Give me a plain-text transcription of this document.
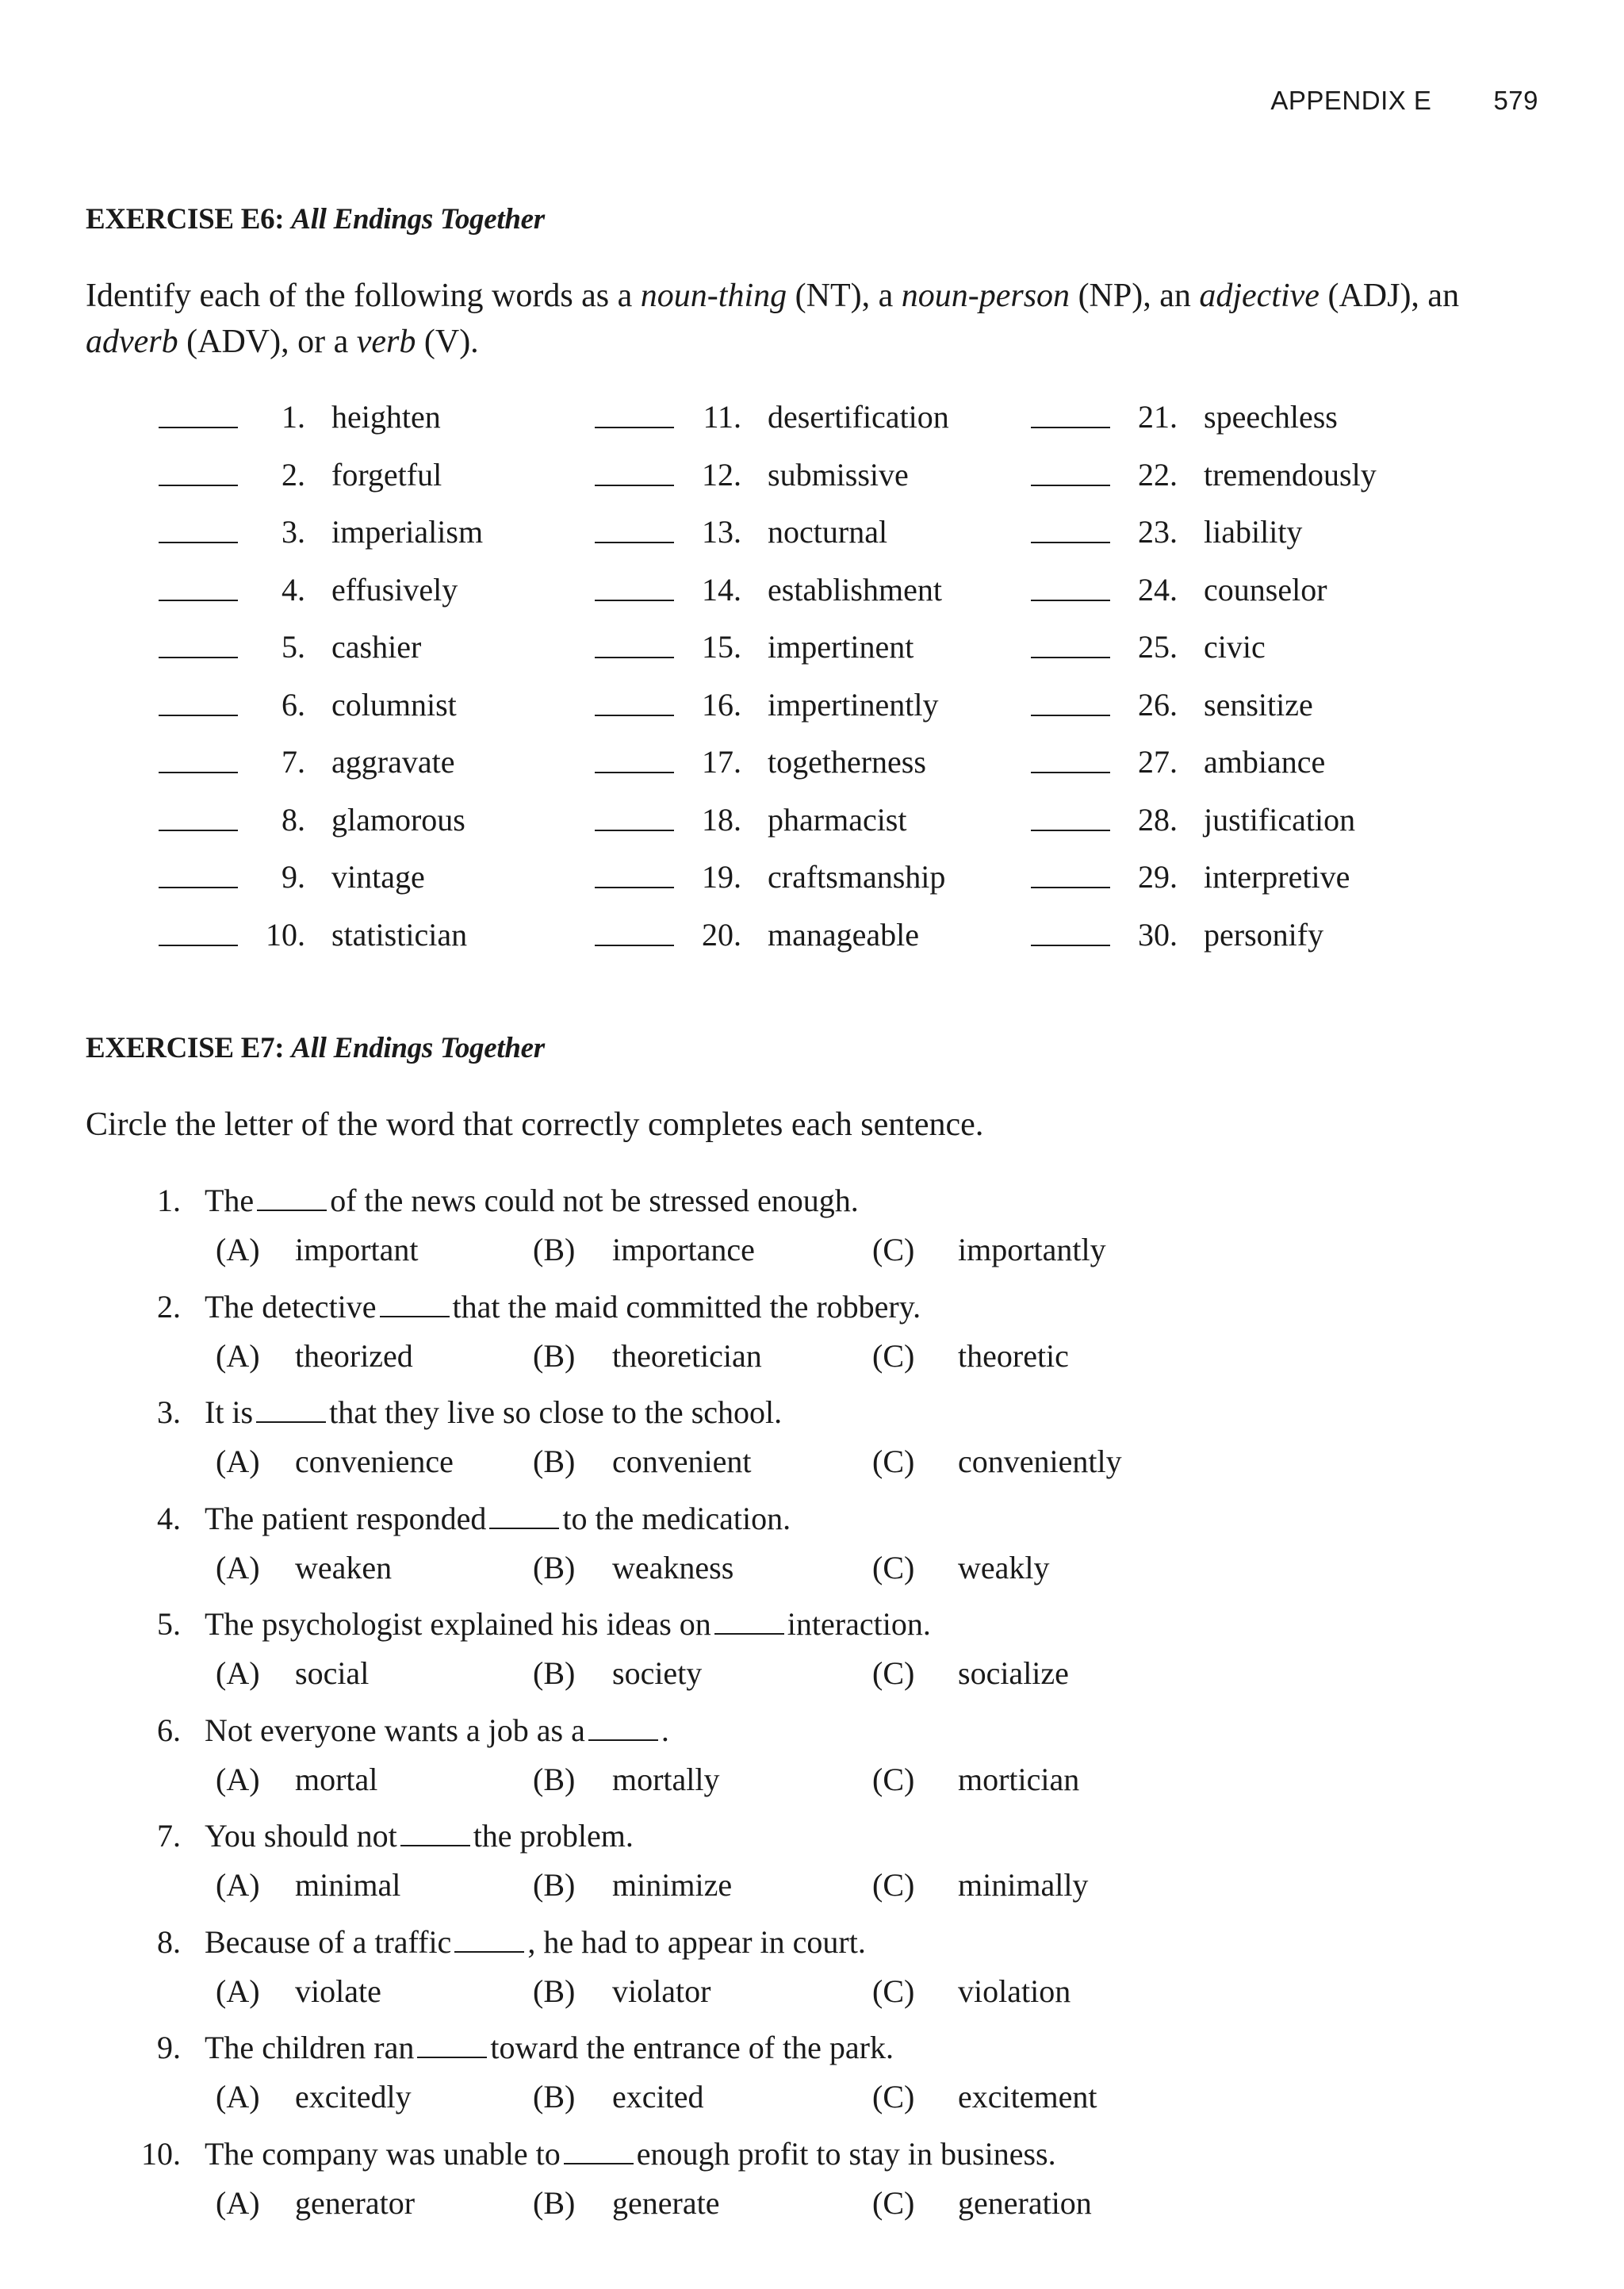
APPENDIX E 579
EXERCISE E6: All Endings Together
Identify each of the following words as a noun-thing (NT), a noun-person (NP), an adjective (ADJ), an adverb (ADV), or a verb (V).
1. heighten
2. forgetful
3. imperialism
4. effusively
5. cashier
6. columnist
7. aggravate
8. glamorous
9. vintage
10. statistician
11. desertification
12. submissive
13. nocturnal
14. establishment
15. impertinent
16. impertinently
17. togetherness
18. pharmacist
19. craftsmanship
20. manageable
21. speechless
22. tremendously
23. liability
24. counselor
25. civic
26. sensitize
27. ambiance
28. justification
29. interpretive
30. personify
EXERCISE E7: All Endings Together
Circle the letter of the word that correctly completes each sentence.
1. The of the news could not be stressed enough.
(A) important	(B) importance	(C) importantly
2. The detective that the maid committed the robbery.
(A) theorized	(B) theoretician	(C) theoretic
3. It is that they live so close to the school.
(A) convenience	(B) convenient	(C) conveniently
4. The patient responded to the medication.
(A) weaken	(B) weakness	(C) weakly
5. The psychologist explained his ideas on interaction.
(A) social	(B) society	(C) socialize
6. Not everyone wants a job as a .
(A) mortal	(B) mortally	(C) mortician
7. You should not the problem.
(A) minimal	(B) minimize	(C) minimally
8. Because of a traffic , he had to appear in court.
(A) violate	(B) violator	(C) violation
9. The children ran toward the entrance of the park.
(A) excitedly	(B) excited	(C) excitement
10. The company was unable to enough profit to stay in business.
(A) generator	(B) generate	(C) generation
